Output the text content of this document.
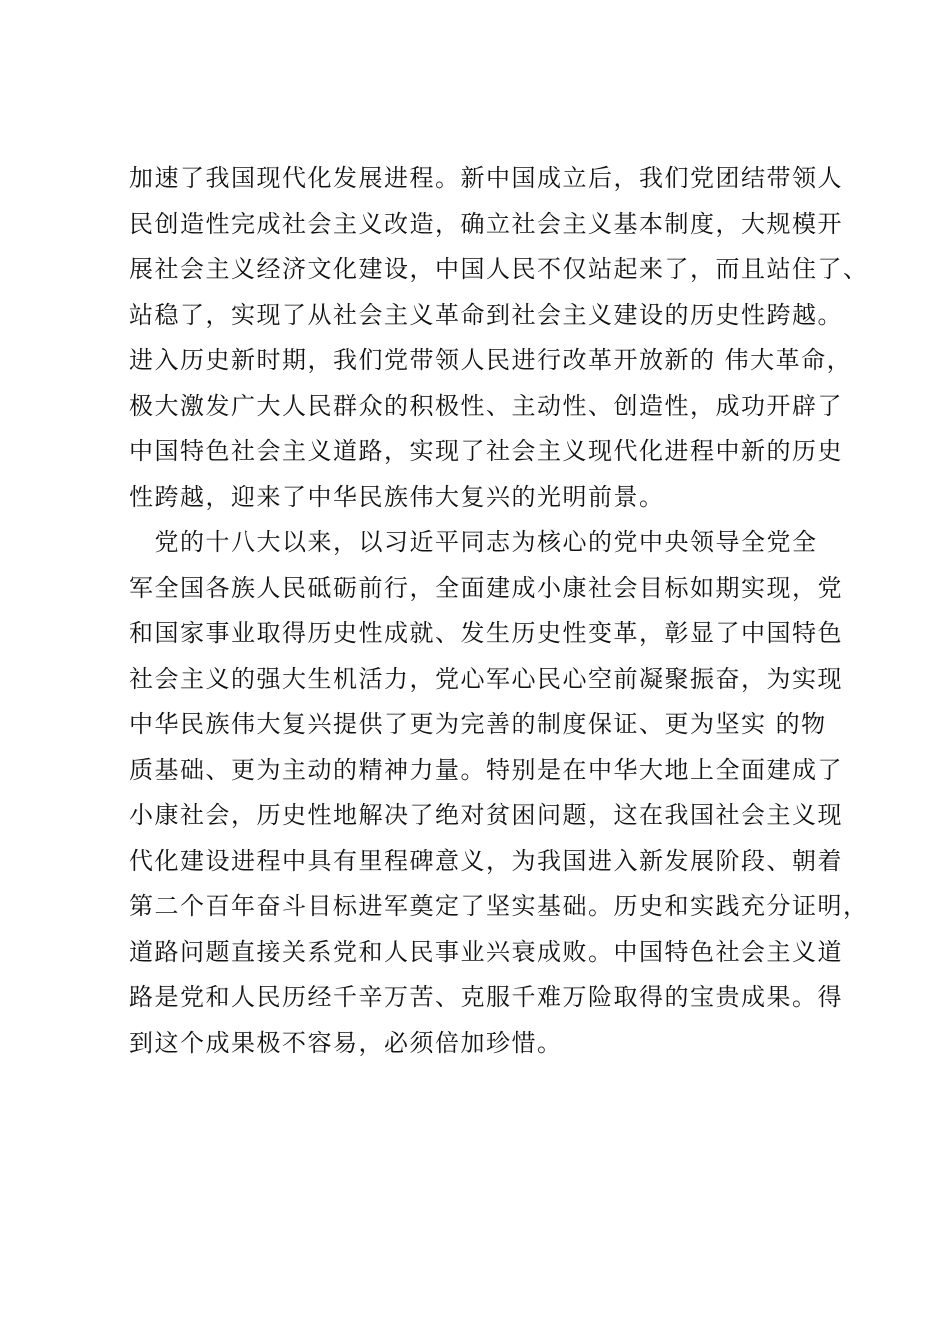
加速了我国现代化发展进程。新中国成立后，我们党团结带领人
民创造性完成社会主义改造，确立社会主义基本制度，大规模开
展社会主义经济文化建设，中国人民不仅站起来了，而且站住了、
站稳了，实现了从社会主义革命到社会主义建设的历史性跨越。
进入历史新时期，我们党带领人民进行改革开放新的 伟大革命，
极大激发广大人民群众的积极性、主动性、创造性，成功开辟了
中国特色社会主义道路，实现了社会主义现代化进程中新的历史
性跨越，迎来了中华民族伟大复兴的光明前景。
　党的十八大以来，以习近平同志为核心的党中央领导全党全
军全国各族人民砥砺前行，全面建成小康社会目标如期实现，党
和国家事业取得历史性成就、发生历史性变革，彰显了中国特色
社会主义的强大生机活力，党心军心民心空前凝聚振奋，为实现
中华民族伟大复兴提供了更为完善的制度保证、更为坚实 的物
质基础、更为主动的精神力量。特别是在中华大地上全面建成了
小康社会，历史性地解决了绝对贫困问题，这在我国社会主义现
代化建设进程中具有里程碑意义，为我国进入新发展阶段、朝着
第二个百年奋斗目标进军奠定了坚实基础。历史和实践充分证明，
道路问题直接关系党和人民事业兴衰成败。中国特色社会主义道
路是党和人民历经千辛万苦、克服千难万险取得的宝贵成果。得
到这个成果极不容易，必须倍加珍惜。
